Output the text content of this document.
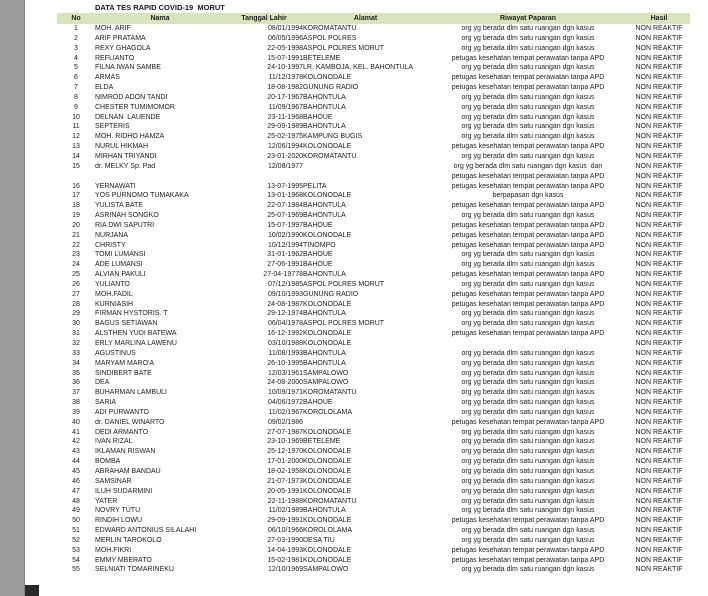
DATA TES RAPID COVID-19  MORUT
No	Nama	Tanggal Lahir	Alamat	Riwayat Paparan	Hasil
1	MOH. ARIF	08/01/1994	KOROMATANTU	org yg berada dlm satu ruangan dgn kasus	NON REAKTIF
2	ARIF PRATAMA	06/05/1996	ASPOL POLRES	org yg berada dlm satu ruangan dgn kasus	NON REAKTIF
3	REXY GHAGOLA	22-05-1998	ASPOL POLRES MORUT	org yg berada dlm satu ruangan dgn kasus	NON REAKTIF
4	REFLIANTO	15-07-1991	BETELEME	petugas kesehatan tempat perawatan tanpa APD	NON REAKTIF
5	FILNA IWAN SAMBE	24-10-1997	LR. KAMBOJA, KEL. BAHONTULA	org yg berada dlm satu ruangan dgn kasus	NON REAKTIF
6	ARMAS	11/12/1978	KOLONODALE	petugas kesehatan tempat perawatan tanpa APD	NON REAKTIF
7	ELDA	18-08-1982	GUNUNG RADIO	petugas kesehatan tempat perawatan tanpa APD	NON REAKTIF
8	NIMROD ADON TANDI	20-17-1967	BAHONTULA	org yg berada dlm satu ruangan dgn kasus	NON REAKTIF
9	CHESTER TUMIMOMOR	11/09/1967	BAHONTULA	org yg berada dlm satu ruangan dgn kasus	NON REAKTIF
10	DELNAN  LAUENDE	23-11-1968	BAHOUE	org yg berada dlm satu ruangan dgn kasus	NON REAKTIF
11	SEPTERIS	29-09-1989	BAHONTULA	org yg berada dlm satu ruangan dgn kasus	NON REAKTIF
12	MOH. RIDHO HAMZA	25-02-1975	KAMPUNG BUGIS	org yg berada dlm satu ruangan dgn kasus	NON REAKTIF
13	NURUL HIKMAH	12/06/1994	KOLONODALE	petugas kesehatan tempat perawatan tanpa APD	NON REAKTIF
14	MIRHAN TRIYANDI	23-01-2020	KOROMATANTU	org yg berada dlm satu ruangan dgn kasus	NON REAKTIF
15	dr. MELKY Sp. Pad	12/08/1977		org yg berada dlm satu ruangan dgn kasus  dan	NON REAKTIF
				petugas kesehatan tempat perawatan tanpa APD	NON REAKTIF
16	YERNAWATI	13-07-1995	PELITA	petugas kesehatan tempat perawatan tanpa APD	NON REAKTIF
17	YOS PURNOMO TUMAKAKA	13-01-1968	KOLONODALE	berpapasan dgn kasus	NON REAKTIF
18	YULISTA BATE	22-07-1984	BAHONTULA	petugas kesehatan tempat perawatan tanpa APD	NON REAKTIF
19	ASRINAH SONGKO	25-07-1969	BAHONTULA	org yg berada dlm satu ruangan dgn kasus	NON REAKTIF
20	RIA DWI SAPUTRI	15-07-1997	BAHOUE	petugas kesehatan tempat perawatan tanpa APD	NON REAKTIF
21	NURJANA	10/02/1990	KOLONODALE	petugas kesehatan tempat perawatan tanpa APD	NON REAKTIF
22	CHRISTY	10/12/1994	TINOMPO	petugas kesehatan tempat perawatan tanpa APD	NON REAKTIF
23	TOMI LUMANSI	31-01-1962	BAHOUE	org yg berada dlm satu ruangan dgn kasus	NON REAKTIF
24	ADE LUMANSI	27-06-1991	BAHOUE	org yg berada dlm satu ruangan dgn kasus	NON REAKTIF
25	ALVIAN PAKULI	27-04-19778	BAHONTULA	petugas kesehatan tempat perawatan tanpa APD	NON REAKTIF
26	YULIANTO	07/12/1985	ASPOL POLRES MORUT	org yg berada dlm satu ruangan dgn kasus	NON REAKTIF
27	MOH.FADIL	09/10/1993	GUNUNG RADIO	petugas kesehatan tempat perawatan tanpa APD	NON REAKTIF
28	KURNIASIH	24-08-1987	KOLONODALE	petugas kesehatan tempat perawatan tanpa APD	NON REAKTIF
29	FIRMAN HYSTORIS. T	29-12-1974	BAHONTULA	org yg berada dlm satu ruangan dgn kasus	NON REAKTIF
30	BAGUS SETIAWAN	06/04/1978	ASPOL POLRES MORUT	org yg berada dlm satu ruangan dgn kasus	NON REAKTIF
31	ALSTHEN YUDI BATEWA	16-12-1992	KOLONODALE	petugas kesehatan tempat perawatan tanpa APD	NON REAKTIF
32	ERLY MARLINA LAWENU	03/10/1988	KOLONODALE		NON REAKTIF
33	AGUSTINUS	11/08/1993	BAHONTULA	org yg berada dlm satu ruangan dgn kasus	NON REAKTIF
34	MARYAM MARO'A	26-10-1995	BAHONTULA	org yg berada dlm satu ruangan dgn kasus	NON REAKTIF
35	SINDIBERT BATE	12/03/1961	SAMPALOWO	org yg berada dlm satu ruangan dgn kasus	NON REAKTIF
36	DEA	24-08-2000	SAMPALOWO	org yg berada dlm satu ruangan dgn kasus	NON REAKTIF
37	BUHARMAN LAMBULI	10/09/1971	KOROMATANTU	org yg berada dlm satu ruangan dgn kasus	NON REAKTIF
38	SARIA	04/06/1972	BAHOUE	org yg berada dlm satu ruangan dgn kasus	NON REAKTIF
39	ADI PURWANTO	11/02/1967	KOROLOLAMA	org yg berada dlm satu ruangan dgn kasus	NON REAKTIF
40	dr. DANIEL WINARTO	09/02/1986		petugas kesehatan tempat perawatan tanpa APD	NON REAKTIF
41	DEDI ARMANTO	27-07-1987	KOLONODALE	org yg berada dlm satu ruangan dgn kasus	NON REAKTIF
42	IVAN RIZAL	23-10-1969	BETELEME	org yg berada dlm satu ruangan dgn kasus	NON REAKTIF
43	IKLAMAN RISWAN	25-12-1970	KOLONODALE	org yg berada dlm satu ruangan dgn kasus	NON REAKTIF
44	BOMBA	17-01-2000	KOLONODALE	org yg berada dlm satu ruangan dgn kasus	NON REAKTIF
45	ABRAHAM BANDAU	18-02-1958	KOLONODALE	org yg berada dlm satu ruangan dgn kasus	NON REAKTIF
46	SAMSINAR	21-07-1973	KOLONODALE	org yg berada dlm satu ruangan dgn kasus	NON REAKTIF
47	ILUH SUDARMINI	20-05-1991	KOLONODALE	org yg berada dlm satu ruangan dgn kasus	NON REAKTIF
48	YATER	22-11-1988	KOROMATANTU	org yg berada dlm satu ruangan dgn kasus	NON REAKTIF
49	NOVRY TUTU	11/02/1989	BAHONTULA	org yg berada dlm satu ruangan dgn kasus	NON REAKTIF
50	RINDIH LOWU	29-09-1991	KOLONODALE	petugas kesehatan tempat perawatan tanpa APD	NON REAKTIF
51	EDWARD ANTONIUS SILALAHI	06/10/1966	KOROLOLAMA	org yg berada dlm satu ruangan dgn kasus	NON REAKTIF
52	MERLIN TAROKOLO	27-03-1990	DESA TIU	org yg berada dlm satu ruangan dgn kasus	NON REAKTIF
53	MOH.FIKRI	14-04-1993	KOLONODALE	petugas kesehatan tempat perawatan tanpa APD	NON REAKTIF
54	EMMY MBERATO	15-02-1981	KOLONODALE	petugas kesehatan tempat perawatan tanpa APD	NON REAKTIF
55	SELNIATI TOMARINEKU	12/10/1969	SAMPALOWO	org yg berada dlm satu ruangan dgn kasus	NON REAKTIF
